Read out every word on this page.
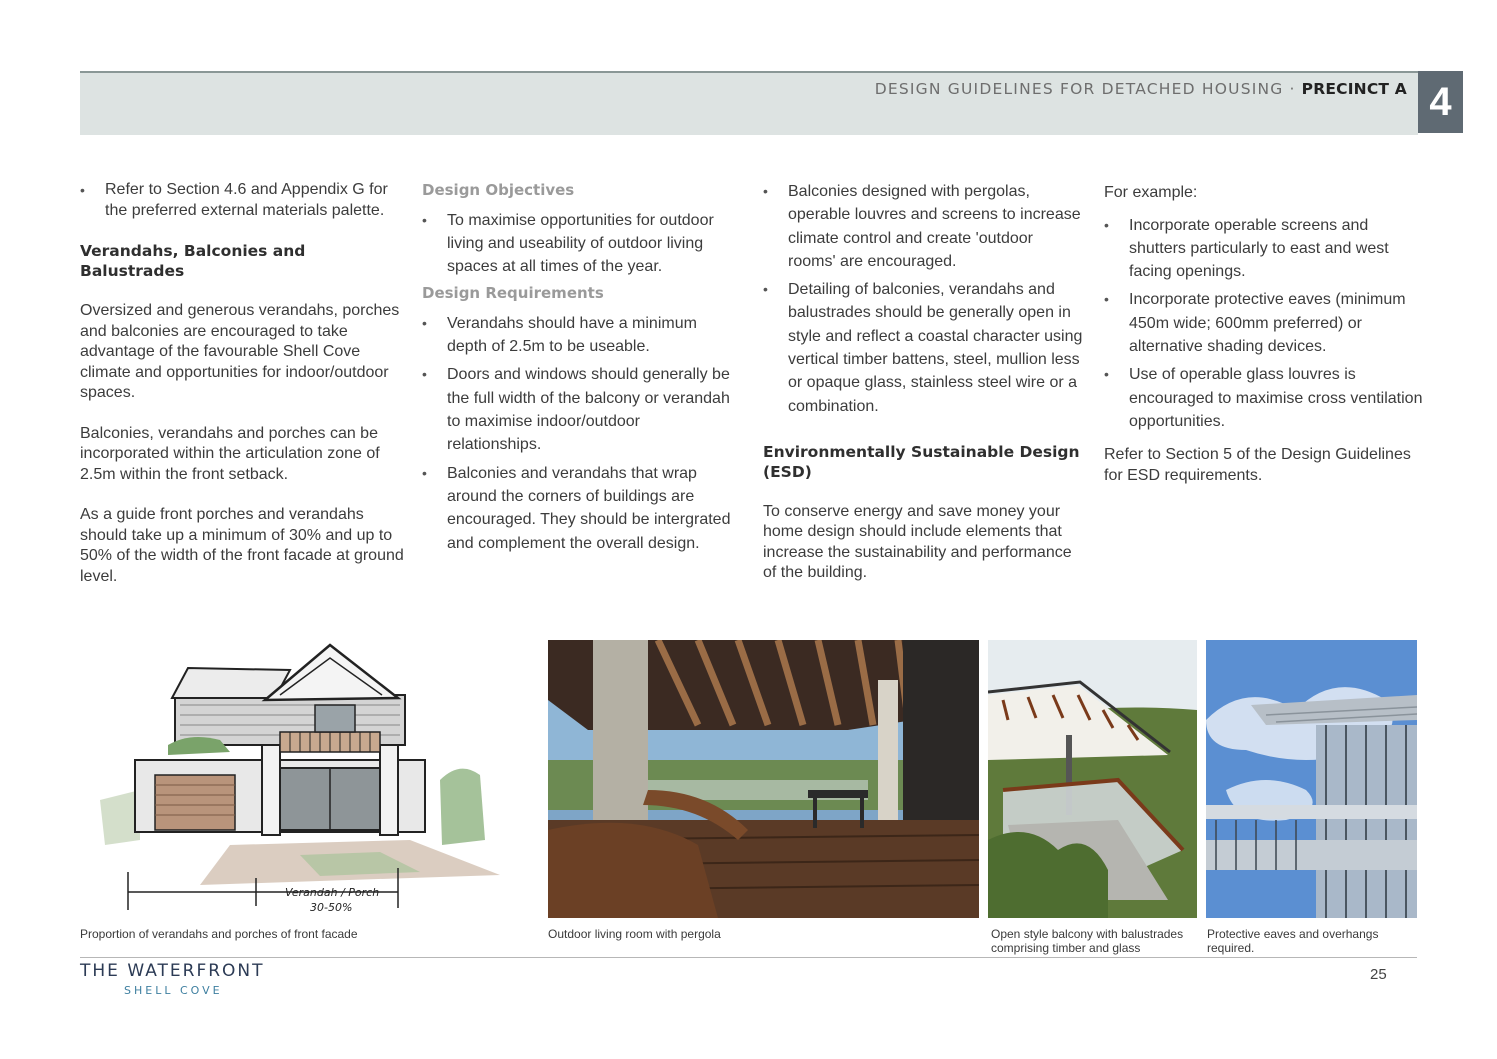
DESIGN GUIDELINES FOR DETACHED HOUSING · PRECINCT A 4
• Refer to Section 4.6 and Appendix G for the preferred external materials palette.
Verandahs, Balconies and Balustrades

Oversized and generous verandahs, porches and balconies are encouraged to take advantage of the favourable Shell Cove climate and opportunities for indoor/outdoor spaces.

Balconies, verandahs and porches can be incorporated within the articulation zone of 2.5m within the front setback.

As a guide front porches and verandahs should take up a minimum of 30% and up to 50% of the width of the front facade at ground level.

Design Objectives
• To maximise opportunities for outdoor living and useability of outdoor living spaces at all times of the year.
Design Requirements
• Verandahs should have a minimum depth of 2.5m to be useable.
• Doors and windows should generally be the full width of the balcony or verandah to maximise indoor/outdoor relationships.
• Balconies and verandahs that wrap around the corners of buildings are encouraged. They should be intergrated and complement the overall design.
• Balconies designed with pergolas, operable louvres and screens to increase climate control and create 'outdoor rooms' are encouraged.
• Detailing of balconies, verandahs and balustrades should be generally open in style and reflect a coastal character using vertical timber battens, steel, mullion less or opaque glass, stainless steel wire or a combination.
Environmentally Sustainable Design (ESD)

To conserve energy and save money your home design should include elements that increase the sustainability and performance of the building.

For example:

• Incorporate operable screens and shutters particularly to east and west facing openings.
• Incorporate protective eaves (minimum 450m wide; 600mm preferred) or alternative shading devices.
• Use of operable glass louvres is encouraged to maximise cross ventilation opportunities.

Refer to Section 5 of the Design Guidelines for ESD requirements.

Verandah / Porch
30-50%
Proportion of verandahs and porches of front facade	Outdoor living room with pergola	Open style balcony with balustrades comprising timber and glass
Protective eaves and overhangs required.
THE WATERFRONT
SHELL COVE
25
